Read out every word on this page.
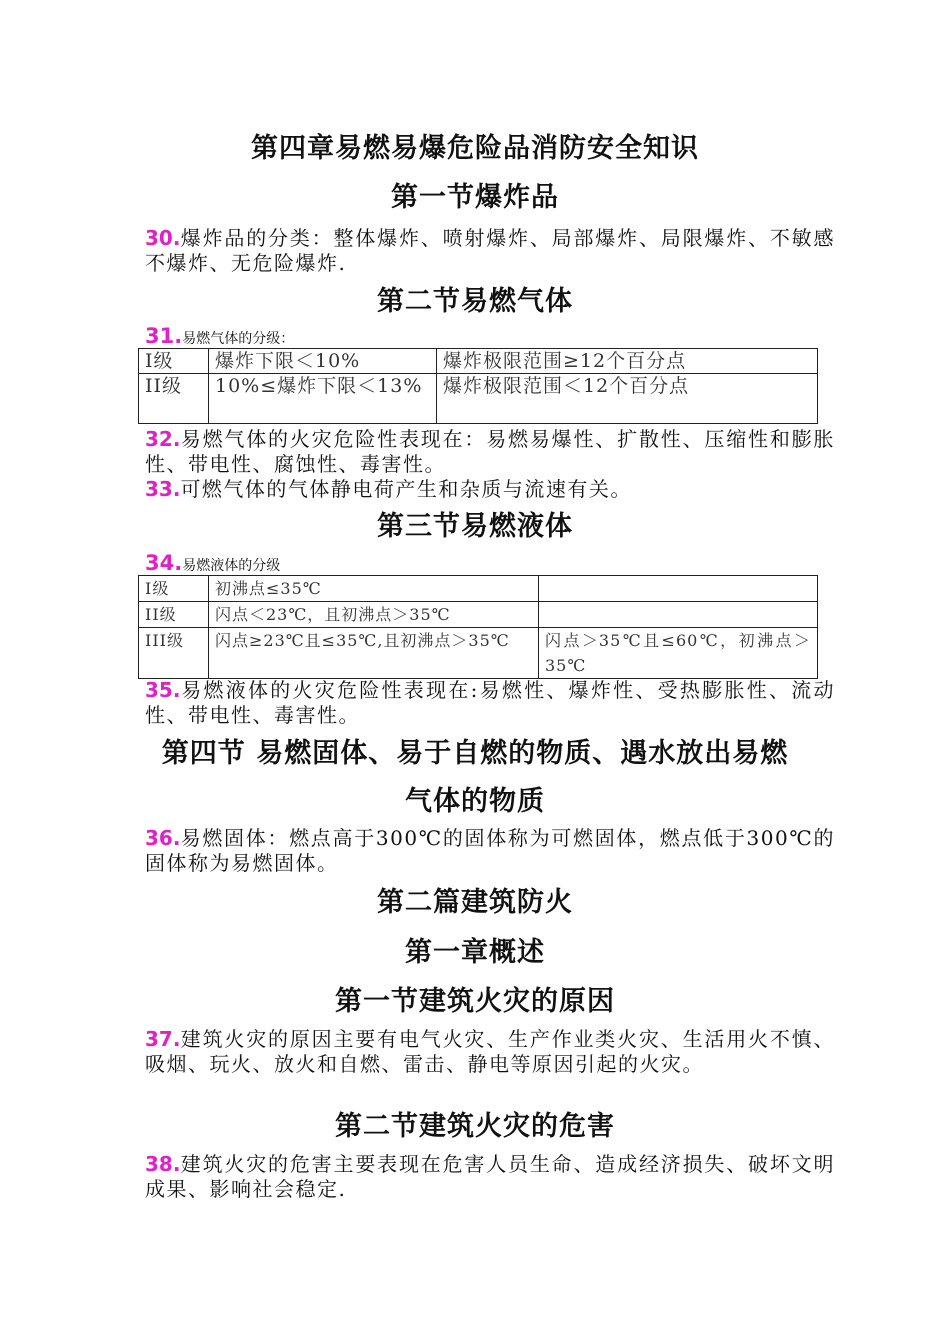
第四章易燃易爆危险品消防安全知识
第一节爆炸品

30.爆炸品的分类：整体爆炸、喷射爆炸、局部爆炸、局限爆炸、不敏感不爆炸、无危险爆炸.

第二节易燃气体

31.易燃气体的分级：

I级	爆炸下限＜10%	爆炸极限范围≥12个百分点
II级	10%≤爆炸下限＜13%	爆炸极限范围＜12个百分点

32.易燃气体的火灾危险性表现在：易燃易爆性、扩散性、压缩性和膨胀性、带电性、腐蚀性、毒害性。

33.可燃气体的气体静电荷产生和杂质与流速有关。

第三节易燃液体

34.易燃液体的分级

I级	初沸点≤35℃	
II级	闪点＜23℃，且初沸点＞35℃	
III级	闪点≥23℃且≤35℃,且初沸点＞35℃	闪点＞35℃且≤60℃，初沸点＞35℃

35.易燃液体的火灾危险性表现在:易燃性、爆炸性、受热膨胀性、流动性、带电性、毒害性。

第四节 易燃固体、易于自燃的物质、遇水放出易燃
气体的物质

36.易燃固体：燃点高于300℃的固体称为可燃固体，燃点低于300℃的固体称为易燃固体。

第二篇建筑防火
第一章概述
第一节建筑火灾的原因

37.建筑火灾的原因主要有电气火灾、生产作业类火灾、生活用火不慎、吸烟、玩火、放火和自燃、雷击、静电等原因引起的火灾。

第二节建筑火灾的危害

38.建筑火灾的危害主要表现在危害人员生命、造成经济损失、破坏文明成果、影响社会稳定.
